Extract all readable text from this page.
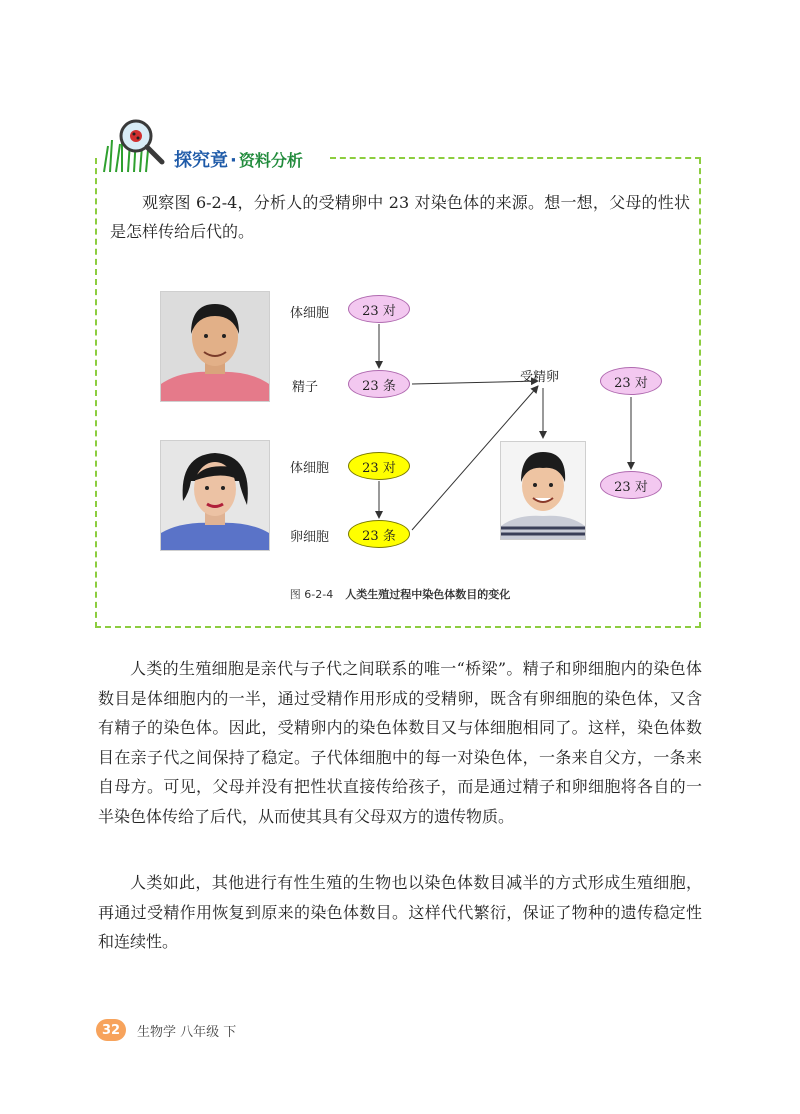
探究竟 · 资料分析
观察图 6-2-4，分析人的受精卵中 23 对染色体的来源。想一想，父母的性状是怎样传给后代的。
体细胞
精子
体细胞
卵细胞
受精卵
23 对
23 条
23 对
23 条
23 对
23 对
图 6-2-4 人类生殖过程中染色体数目的变化
人类的生殖细胞是亲代与子代之间联系的唯一“桥梁”。精子和卵细胞内的染色体数目是体细胞内的一半，通过受精作用形成的受精卵，既含有卵细胞的染色体，又含有精子的染色体。因此，受精卵内的染色体数目又与体细胞相同了。这样，染色体数目在亲子代之间保持了稳定。子代体细胞中的每一对染色体，一条来自父方，一条来自母方。可见，父母并没有把性状直接传给孩子，而是通过精子和卵细胞将各自的一半染色体传给了后代，从而使其具有父母双方的遗传物质。
人类如此，其他进行有性生殖的生物也以染色体数目减半的方式形成生殖细胞，再通过受精作用恢复到原来的染色体数目。这样代代繁衍，保证了物种的遗传稳定性和连续性。
32	生物学 八年级 下
